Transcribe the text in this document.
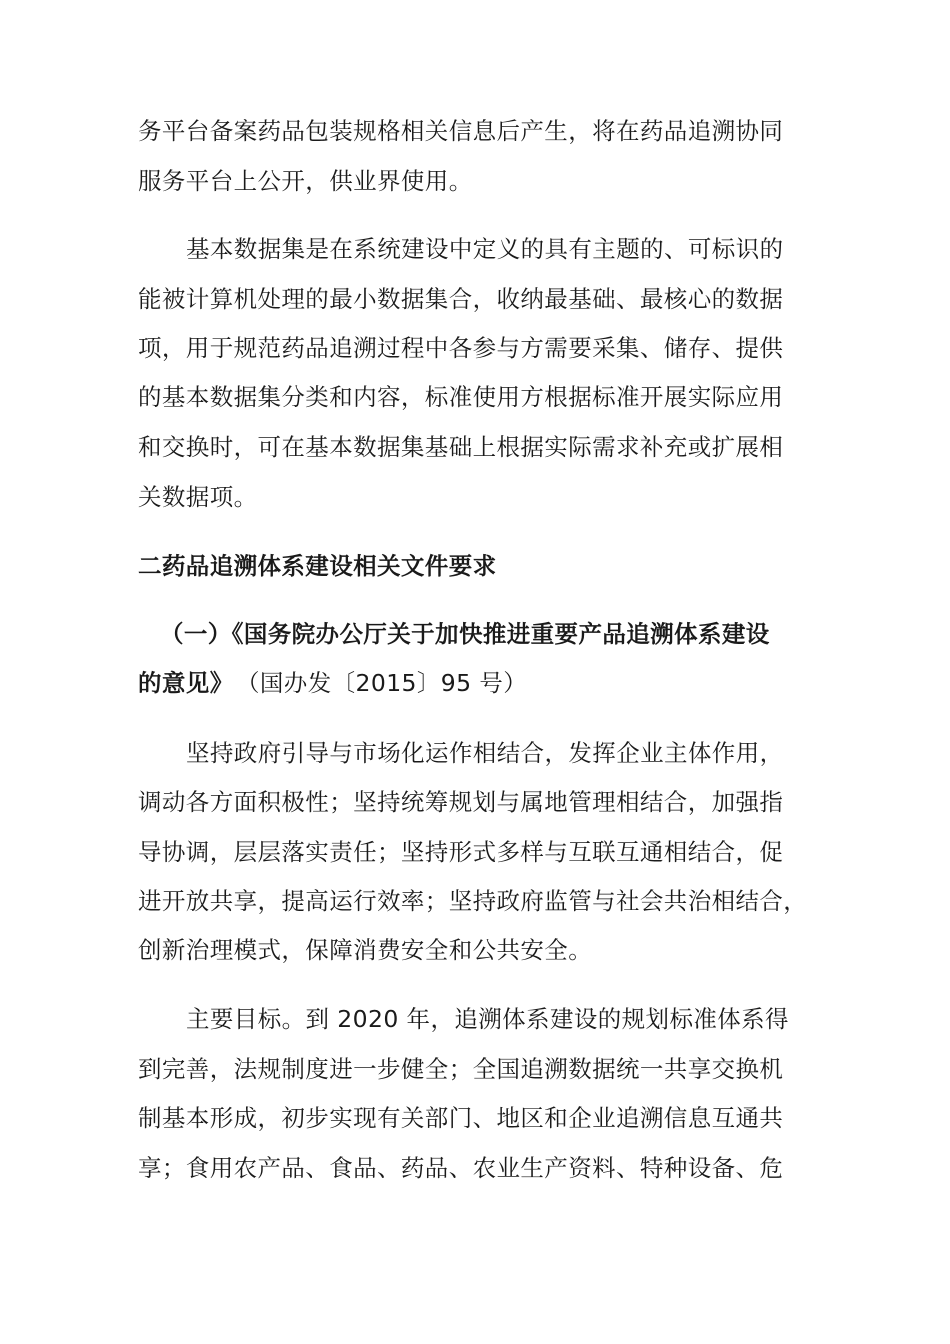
务平台备案药品包装规格相关信息后产生，将在药品追溯协同
服务平台上公开，供业界使用。
基本数据集是在系统建设中定义的具有主题的、可标识的
能被计算机处理的最小数据集合，收纳最基础、最核心的数据
项，用于规范药品追溯过程中各参与方需要采集、储存、提供
的基本数据集分类和内容，标准使用方根据标准开展实际应用
和交换时，可在基本数据集基础上根据实际需求补充或扩展相
关数据项。
二药品追溯体系建设相关文件要求
（一）《国务院办公厅关于加快推进重要产品追溯体系建设
的意见》 （国办发〔2015〕95 号）
坚持政府引导与市场化运作相结合，发挥企业主体作用，
调动各方面积极性；坚持统筹规划与属地管理相结合，加强指
导协调，层层落实责任；坚持形式多样与互联互通相结合，促
进开放共享，提高运行效率；坚持政府监管与社会共治相结合，
创新治理模式，保障消费安全和公共安全。
主要目标。到 2020 年，追溯体系建设的规划标准体系得
到完善，法规制度进一步健全；全国追溯数据统一共享交换机
制基本形成，初步实现有关部门、地区和企业追溯信息互通共
享；食用农产品、食品、药品、农业生产资料、特种设备、危
